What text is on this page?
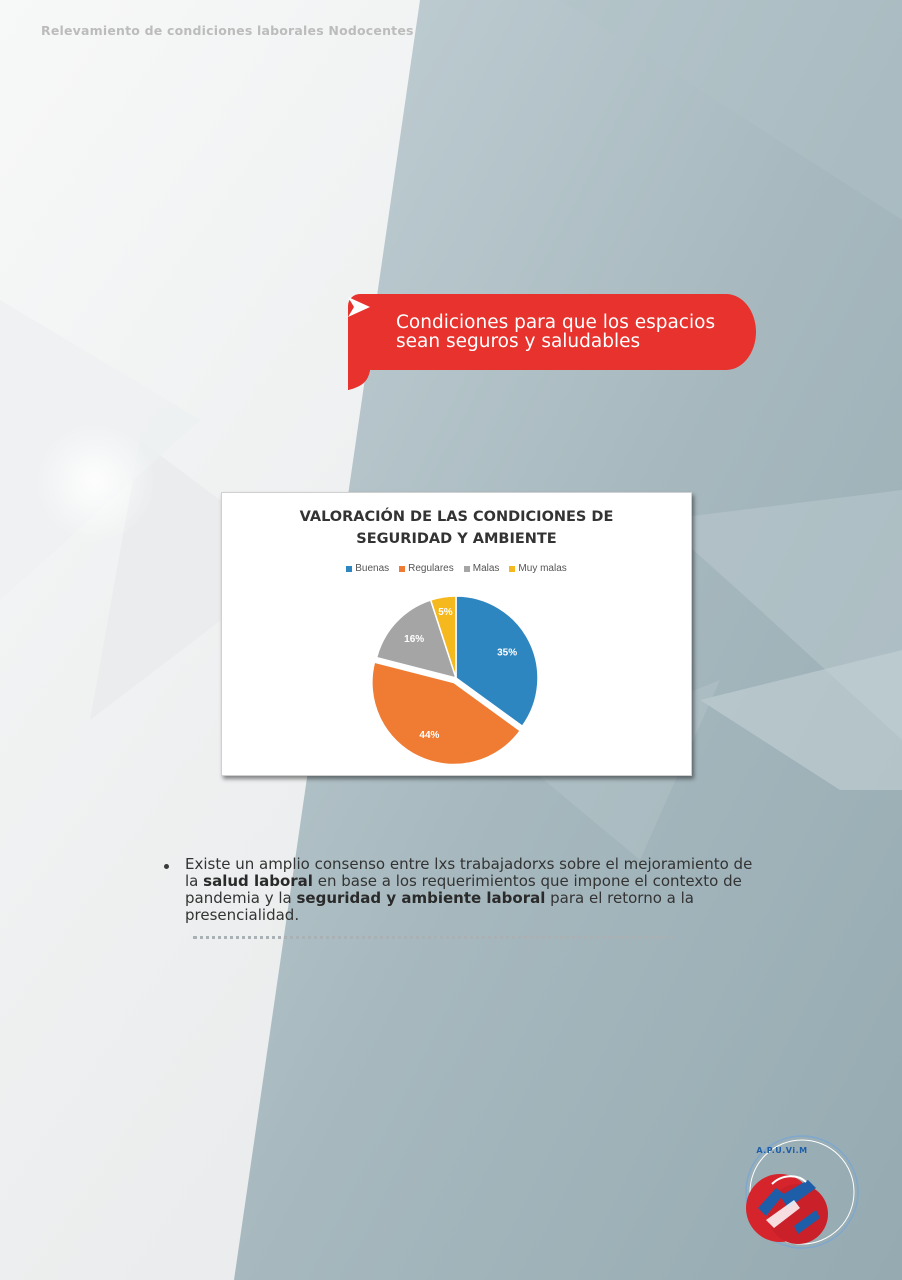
Relevamiento de condiciones laborales Nodocentes
Condiciones para que los espacios sean seguros y saludables
VALORACIÓN DE LAS CONDICIONES DE
SEGURIDAD Y AMBIENTE
Buenas Regulares Malas Muy malas
35%
44%
16%
5%
Existe un amplio consenso entre lxs trabajadorxs sobre el mejoramiento de la salud laboral en base a los requerimientos que impone el contexto de pandemia y la seguridad y ambiente laboral para el retorno a la presencialidad.
A.P.U.Vi.M
